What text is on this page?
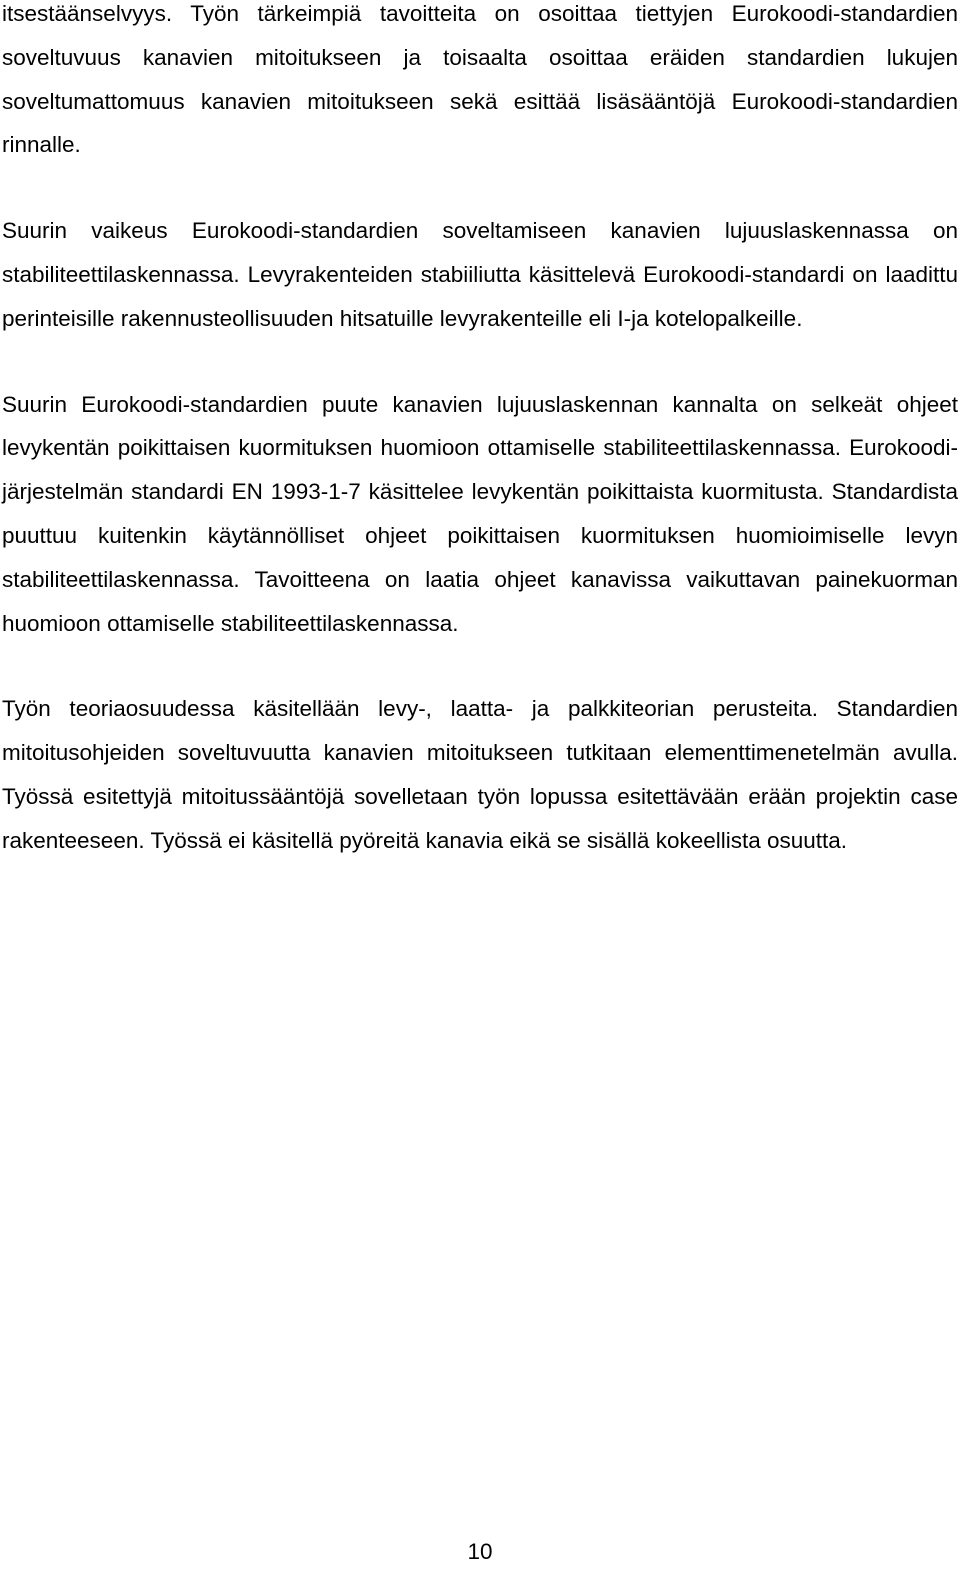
itsestäänselvyys. Työn tärkeimpiä tavoitteita on osoittaa tiettyjen Eurokoodi-standardien soveltuvuus kanavien mitoitukseen ja toisaalta osoittaa eräiden standardien lukujen soveltumattomuus kanavien mitoitukseen sekä esittää lisäsääntöjä Eurokoodi-standardien rinnalle.

Suurin vaikeus Eurokoodi-standardien soveltamiseen kanavien lujuuslaskennassa on stabiliteettilaskennassa. Levyrakenteiden stabiiliutta käsittelevä Eurokoodi-standardi on laadittu perinteisille rakennusteollisuuden hitsatuille levyrakenteille eli I-ja kotelopalkeille.

Suurin Eurokoodi-standardien puute kanavien lujuuslaskennan kannalta on selkeät ohjeet levykentän poikittaisen kuormituksen huomioon ottamiselle stabiliteettilaskennassa. Eurokoodi-järjestelmän standardi EN 1993-1-7 käsittelee levykentän poikittaista kuormitusta. Standardista puuttuu kuitenkin käytännölliset ohjeet poikittaisen kuormituksen huomioimiselle levyn stabiliteettilaskennassa. Tavoitteena on laatia ohjeet kanavissa vaikuttavan painekuorman huomioon ottamiselle stabiliteettilaskennassa.

Työn teoriaosuudessa käsitellään levy-, laatta- ja palkkiteorian perusteita. Standardien mitoitusohjeiden soveltuvuutta kanavien mitoitukseen tutkitaan elementtimenetelmän avulla. Työssä esitettyjä mitoitussääntöjä sovelletaan työn lopussa esitettävään erään projektin case rakenteeseen. Työssä ei käsitellä pyöreitä kanavia eikä se sisällä kokeellista osuutta.

10
